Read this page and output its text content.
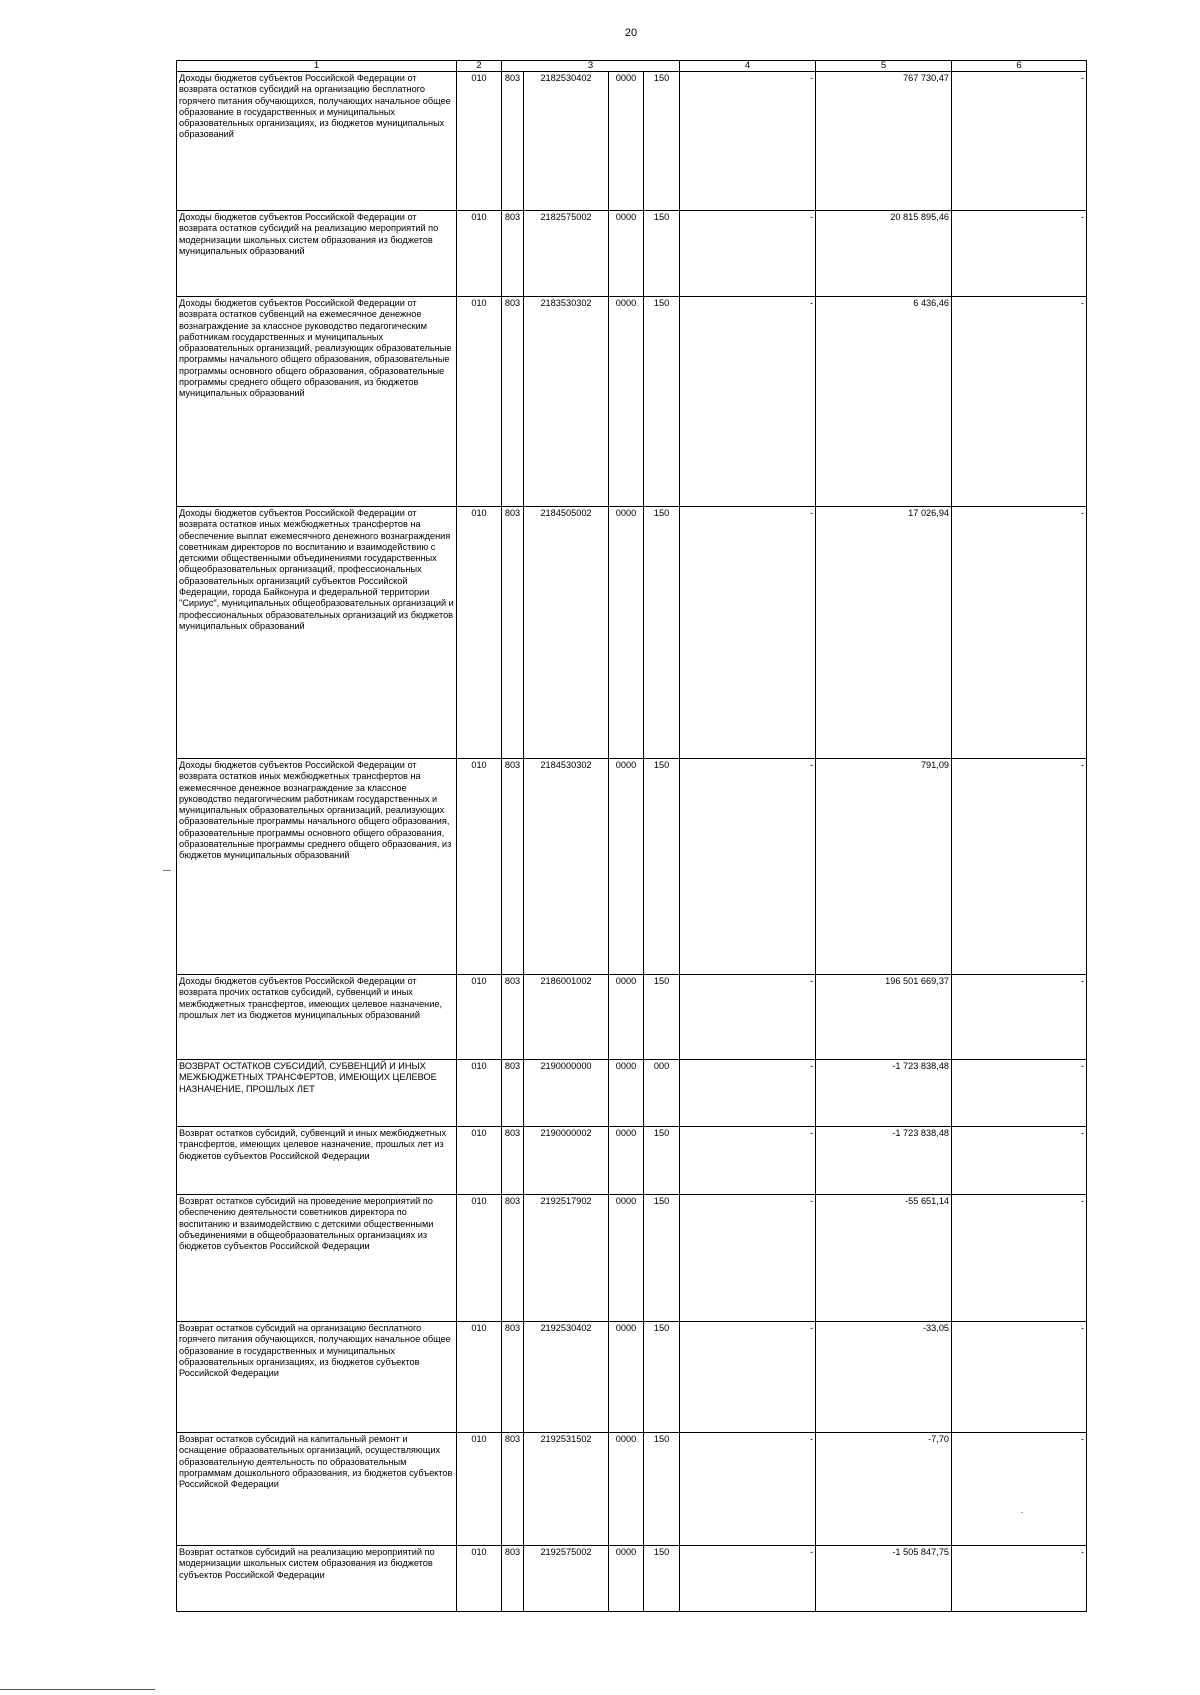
20
1	2	3				4	5	6
Доходы бюджетов субъектов Российской Федерации от возврата остатков субсидий на организацию бесплатного горячего питания обучающихся, получающих начальное общее образование в государственных и муниципальных образовательных организациях, из бюджетов муниципальных образований	010	803	2182530402	0000	150	-	767 730,47	-
Доходы бюджетов субъектов Российской Федерации от возврата остатков субсидий на реализацию мероприятий по модернизации школьных систем образования из бюджетов муниципальных образований	010	803	2182575002	0000	150	-	20 815 895,46	-
Доходы бюджетов субъектов Российской Федерации от возврата остатков субвенций на ежемесячное денежное вознаграждение за классное руководство педагогическим работникам государственных и муниципальных образовательных организаций, реализующих образовательные программы начального общего образования, образовательные программы основного общего образования, образовательные программы среднего общего образования, из бюджетов муниципальных образований	010	803	2183530302	0000	150	-	6 436,46	-
Доходы бюджетов субъектов Российской Федерации от возврата остатков иных межбюджетных трансфертов на обеспечение выплат ежемесячного денежного вознаграждения советникам директоров по воспитанию и взаимодействию с детскими общественными объединениями государственных общеобразовательных организаций, профессиональных образовательных организаций субъектов Российской Федерации, города Байконура и федеральной территории "Сириус", муниципальных общеобразовательных организаций и профессиональных образовательных организаций из бюджетов муниципальных образований	010	803	2184505002	0000	150	-	17 026,94	-
Доходы бюджетов субъектов Российской Федерации от возврата остатков иных межбюджетных трансфертов на ежемесячное денежное вознаграждение за классное руководство педагогическим работникам государственных и муниципальных образовательных организаций, реализующих образовательные программы начального общего образования, образовательные программы основного общего образования, образовательные программы среднего общего образования, из бюджетов муниципальных образований	010	803	2184530302	0000	150	-	791,09	-
Доходы бюджетов субъектов Российской Федерации от возврата прочих остатков субсидий, субвенций и иных межбюджетных трансфертов, имеющих целевое назначение, прошлых лет из бюджетов муниципальных образований	010	803	2186001002	0000	150	-	196 501 669,37	-
ВОЗВРАТ ОСТАТКОВ СУБСИДИЙ, СУБВЕНЦИЙ И ИНЫХ МЕЖБЮДЖЕТНЫХ ТРАНСФЕРТОВ, ИМЕЮЩИХ ЦЕЛЕВОЕ НАЗНАЧЕНИЕ, ПРОШЛЫХ ЛЕТ	010	803	2190000000	0000	000	-	-1 723 838,48	-
Возврат остатков субсидий, субвенций и иных межбюджетных трансфертов, имеющих целевое назначение, прошлых лет из бюджетов субъектов Российской Федерации	010	803	2190000002	0000	150	-	-1 723 838,48	-
Возврат остатков субсидий на проведение мероприятий по обеспечению деятельности советников директора по воспитанию и взаимодействию с детскими общественными объединениями в общеобразовательных организациях из бюджетов субъектов Российской Федерации	010	803	2192517902	0000	150	-	-55 651,14	-
Возврат остатков субсидий на организацию бесплатного горячего питания обучающихся, получающих начальное общее образование в государственных и муниципальных образовательных организациях, из бюджетов субъектов Российской Федерации	010	803	2192530402	0000	150	-	-33,05	-
Возврат остатков субсидий на капитальный ремонт и оснащение образовательных организаций, осуществляющих образовательную деятельность по образовательным программам дошкольного образования, из бюджетов субъектов Российской Федерации	010	803	2192531502	0000	150	-	-7,70	-
Возврат остатков субсидий на реализацию мероприятий по модернизации школьных систем образования из бюджетов субъектов Российской Федерации	010	803	2192575002	0000	150	-	-1 505 847,75	-
